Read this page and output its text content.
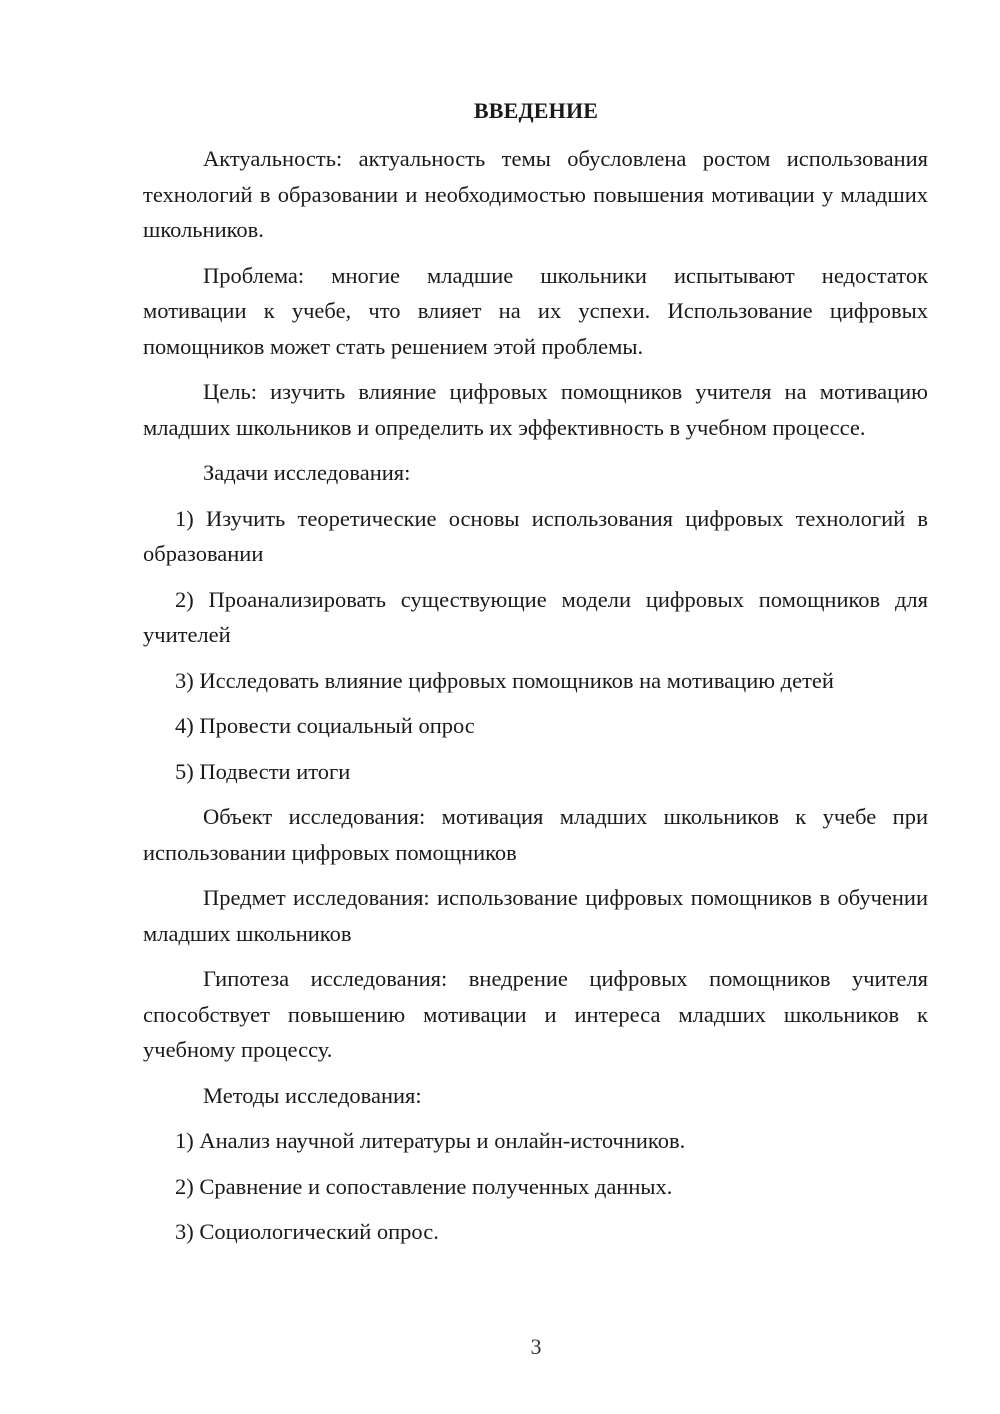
ВВЕДЕНИЕ

Актуальность: актуальность темы обусловлена ростом использования технологий в образовании и необходимостью повышения мотивации у младших школьников.

Проблема: многие младшие школьники испытывают недостаток мотивации к учебе, что влияет на их успехи. Использование цифровых помощников может стать решением этой проблемы.

Цель: изучить влияние цифровых помощников учителя на мотивацию младших школьников и определить их эффективность в учебном процессе.

Задачи исследования:

1) Изучить теоретические основы использования цифровых технологий в образовании

2) Проанализировать существующие модели цифровых помощников для учителей

3) Исследовать влияние цифровых помощников на мотивацию детей

4) Провести социальный опрос

5) Подвести итоги

Объект исследования: мотивация младших школьников к учебе при использовании цифровых помощников

Предмет исследования: использование цифровых помощников в обучении младших школьников

Гипотеза исследования: внедрение цифровых помощников учителя способствует повышению мотивации и интереса младших школьников к учебному процессу.

Методы исследования:

1) Анализ научной литературы и онлайн-источников.

2) Сравнение и сопоставление полученных данных.

3) Социологический опрос.

3
